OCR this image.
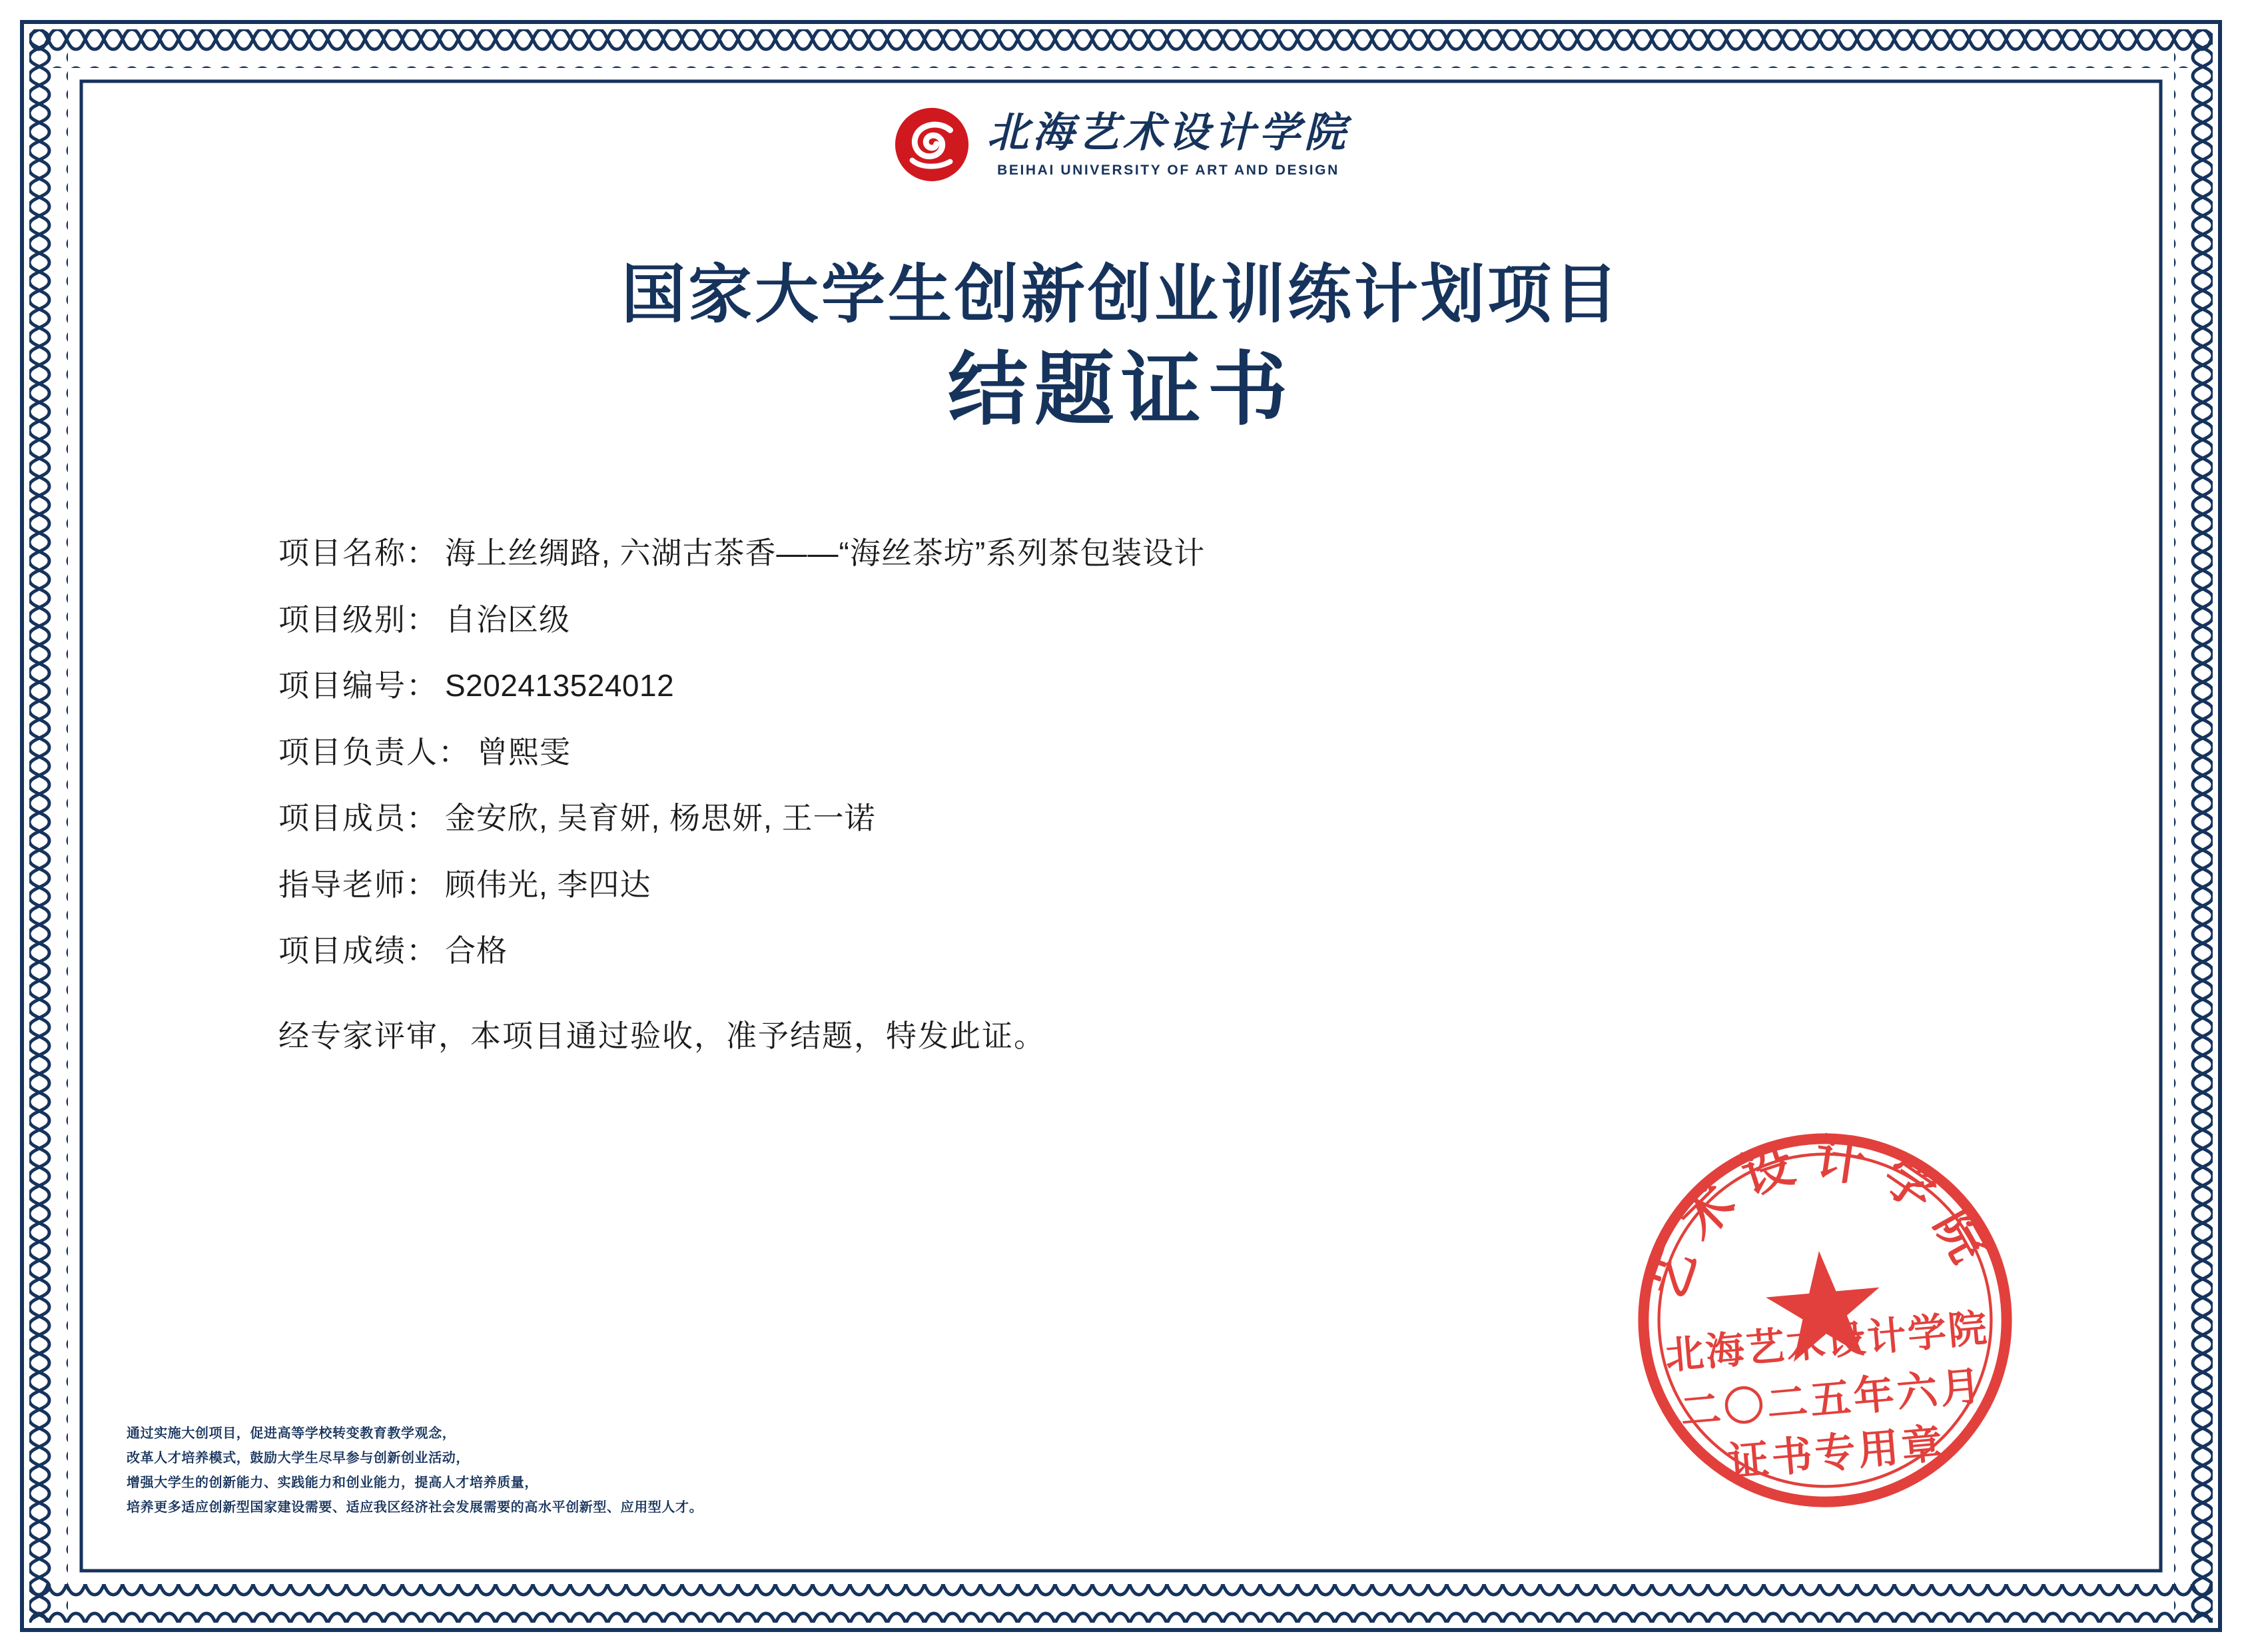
北海艺术设计学院
BEIHAI UNIVERSITY OF ART AND DESIGN
国家大学生创新创业训练计划项目
结题证书
项目名称： 海上丝绸路, 六湖古茶香——“海丝茶坊”系列茶包装设计
项目级别： 自治区级
项目编号： S202413524012
项目负责人： 曾熙雯
项目成员： 金安欣, 吴育妍, 杨思妍, 王一诺
指导老师： 顾伟光, 李四达
项目成绩： 合格
经专家评审，本项目通过验收，准予结题，特发此证。
通过实施大创项目，促进高等学校转变教育教学观念，
改革人才培养模式，鼓励大学生尽早参与创新创业活动，
增强大学生的创新能力、实践能力和创业能力，提高人才培养质量，
培养更多适应创新型国家建设需要、适应我区经济社会发展需要的高水平创新型、应用型人才。
艺术设计学院
北海艺术设计学院
二〇二五年六月
证书专用章
